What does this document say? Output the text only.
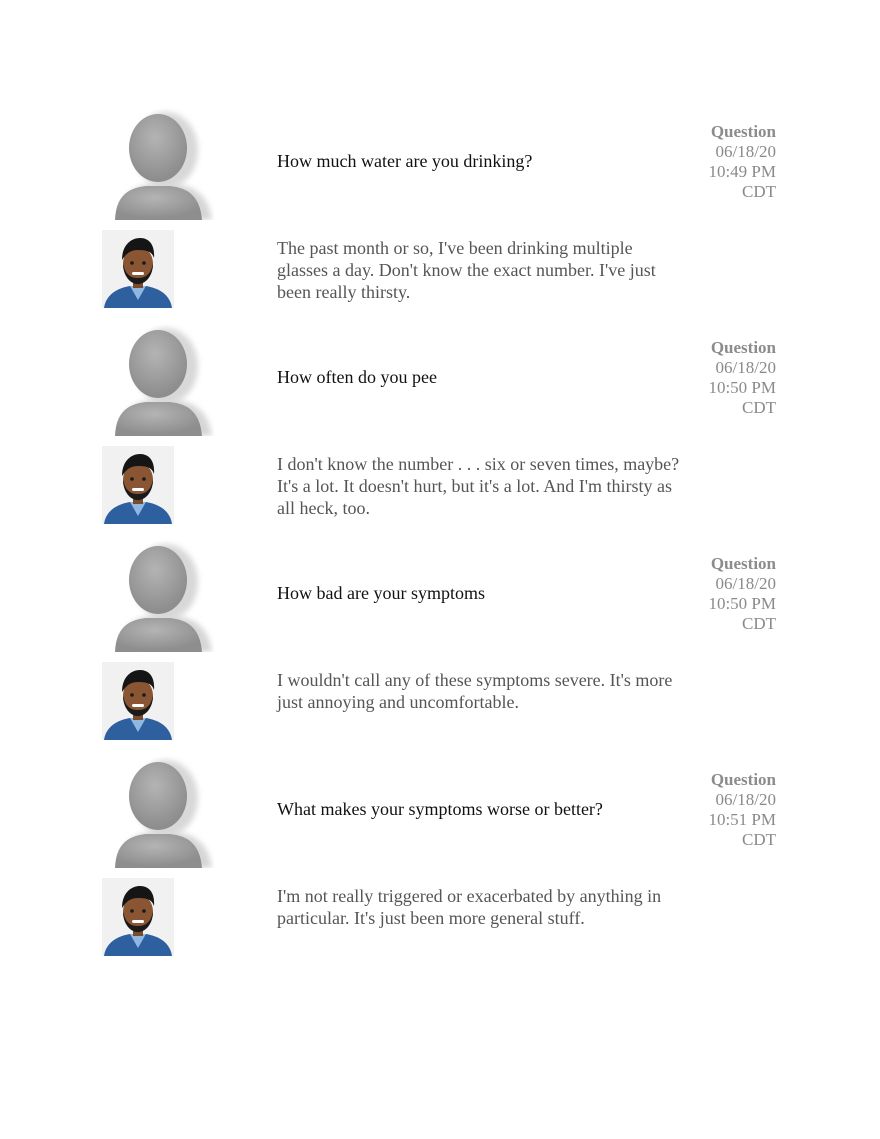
How much water are you drinking?
Question
06/18/20
10:49 PM
CDT
The past month or so, I've been drinking multiple glasses a day. Don't know the exact number. I've just been really thirsty.
How often do you pee
Question
06/18/20
10:50 PM
CDT
I don't know the number . . . six or seven times, maybe? It's a lot. It doesn't hurt, but it's a lot. And I'm thirsty as all heck, too.
How bad are your symptoms
Question
06/18/20
10:50 PM
CDT
I wouldn't call any of these symptoms severe. It's more just annoying and uncomfortable.
What makes your symptoms worse or better?
Question
06/18/20
10:51 PM
CDT
I'm not really triggered or exacerbated by anything in particular. It's just been more general stuff.
